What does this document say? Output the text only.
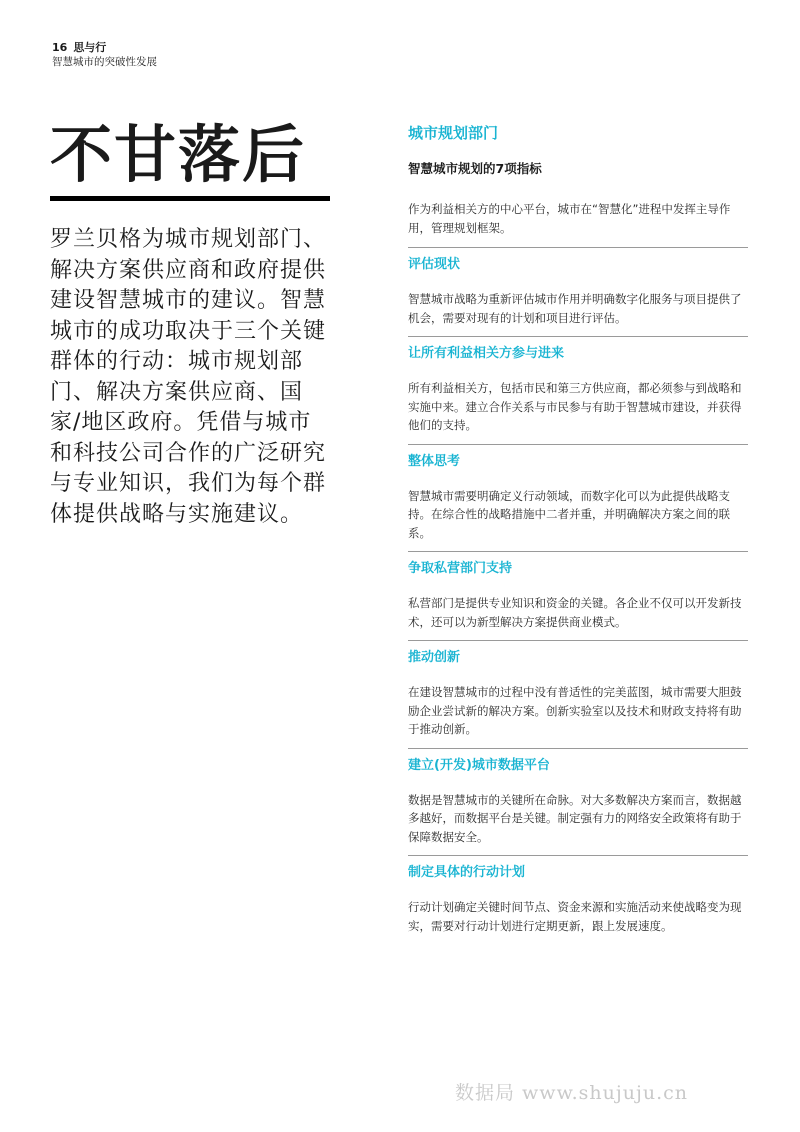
16 思与行
智慧城市的突破性发展
不甘落后
罗兰贝格为城市规划部门、解决方案供应商和政府提供建设智慧城市的建议。智慧城市的成功取决于三个关键群体的行动：城市规划部门、解决方案供应商、国家/地区政府。凭借与城市和科技公司合作的广泛研究与专业知识，我们为每个群体提供战略与实施建议。
城市规划部门
智慧城市规划的7项指标
作为利益相关方的中心平台，城市在“智慧化”进程中发挥主导作用，管理规划框架。
评估现状
智慧城市战略为重新评估城市作用并明确数字化服务与项目提供了机会，需要对现有的计划和项目进行评估。
让所有利益相关方参与进来
所有利益相关方，包括市民和第三方供应商，都必须参与到战略和实施中来。建立合作关系与市民参与有助于智慧城市建设，并获得他们的支持。
整体思考
智慧城市需要明确定义行动领域，而数字化可以为此提供战略支持。在综合性的战略措施中二者并重，并明确解决方案之间的联系。
争取私营部门支持
私营部门是提供专业知识和资金的关键。各企业不仅可以开发新技术，还可以为新型解决方案提供商业模式。
推动创新
在建设智慧城市的过程中没有普适性的完美蓝图，城市需要大胆鼓励企业尝试新的解决方案。创新实验室以及技术和财政支持将有助于推动创新。
建立(开发)城市数据平台
数据是智慧城市的关键所在命脉。对大多数解决方案而言，数据越多越好，而数据平台是关键。制定强有力的网络安全政策将有助于保障数据安全。
制定具体的行动计划
行动计划确定关键时间节点、资金来源和实施活动来使战略变为现实，需要对行动计划进行定期更新，跟上发展速度。
数据局 www.shujuju.cn
